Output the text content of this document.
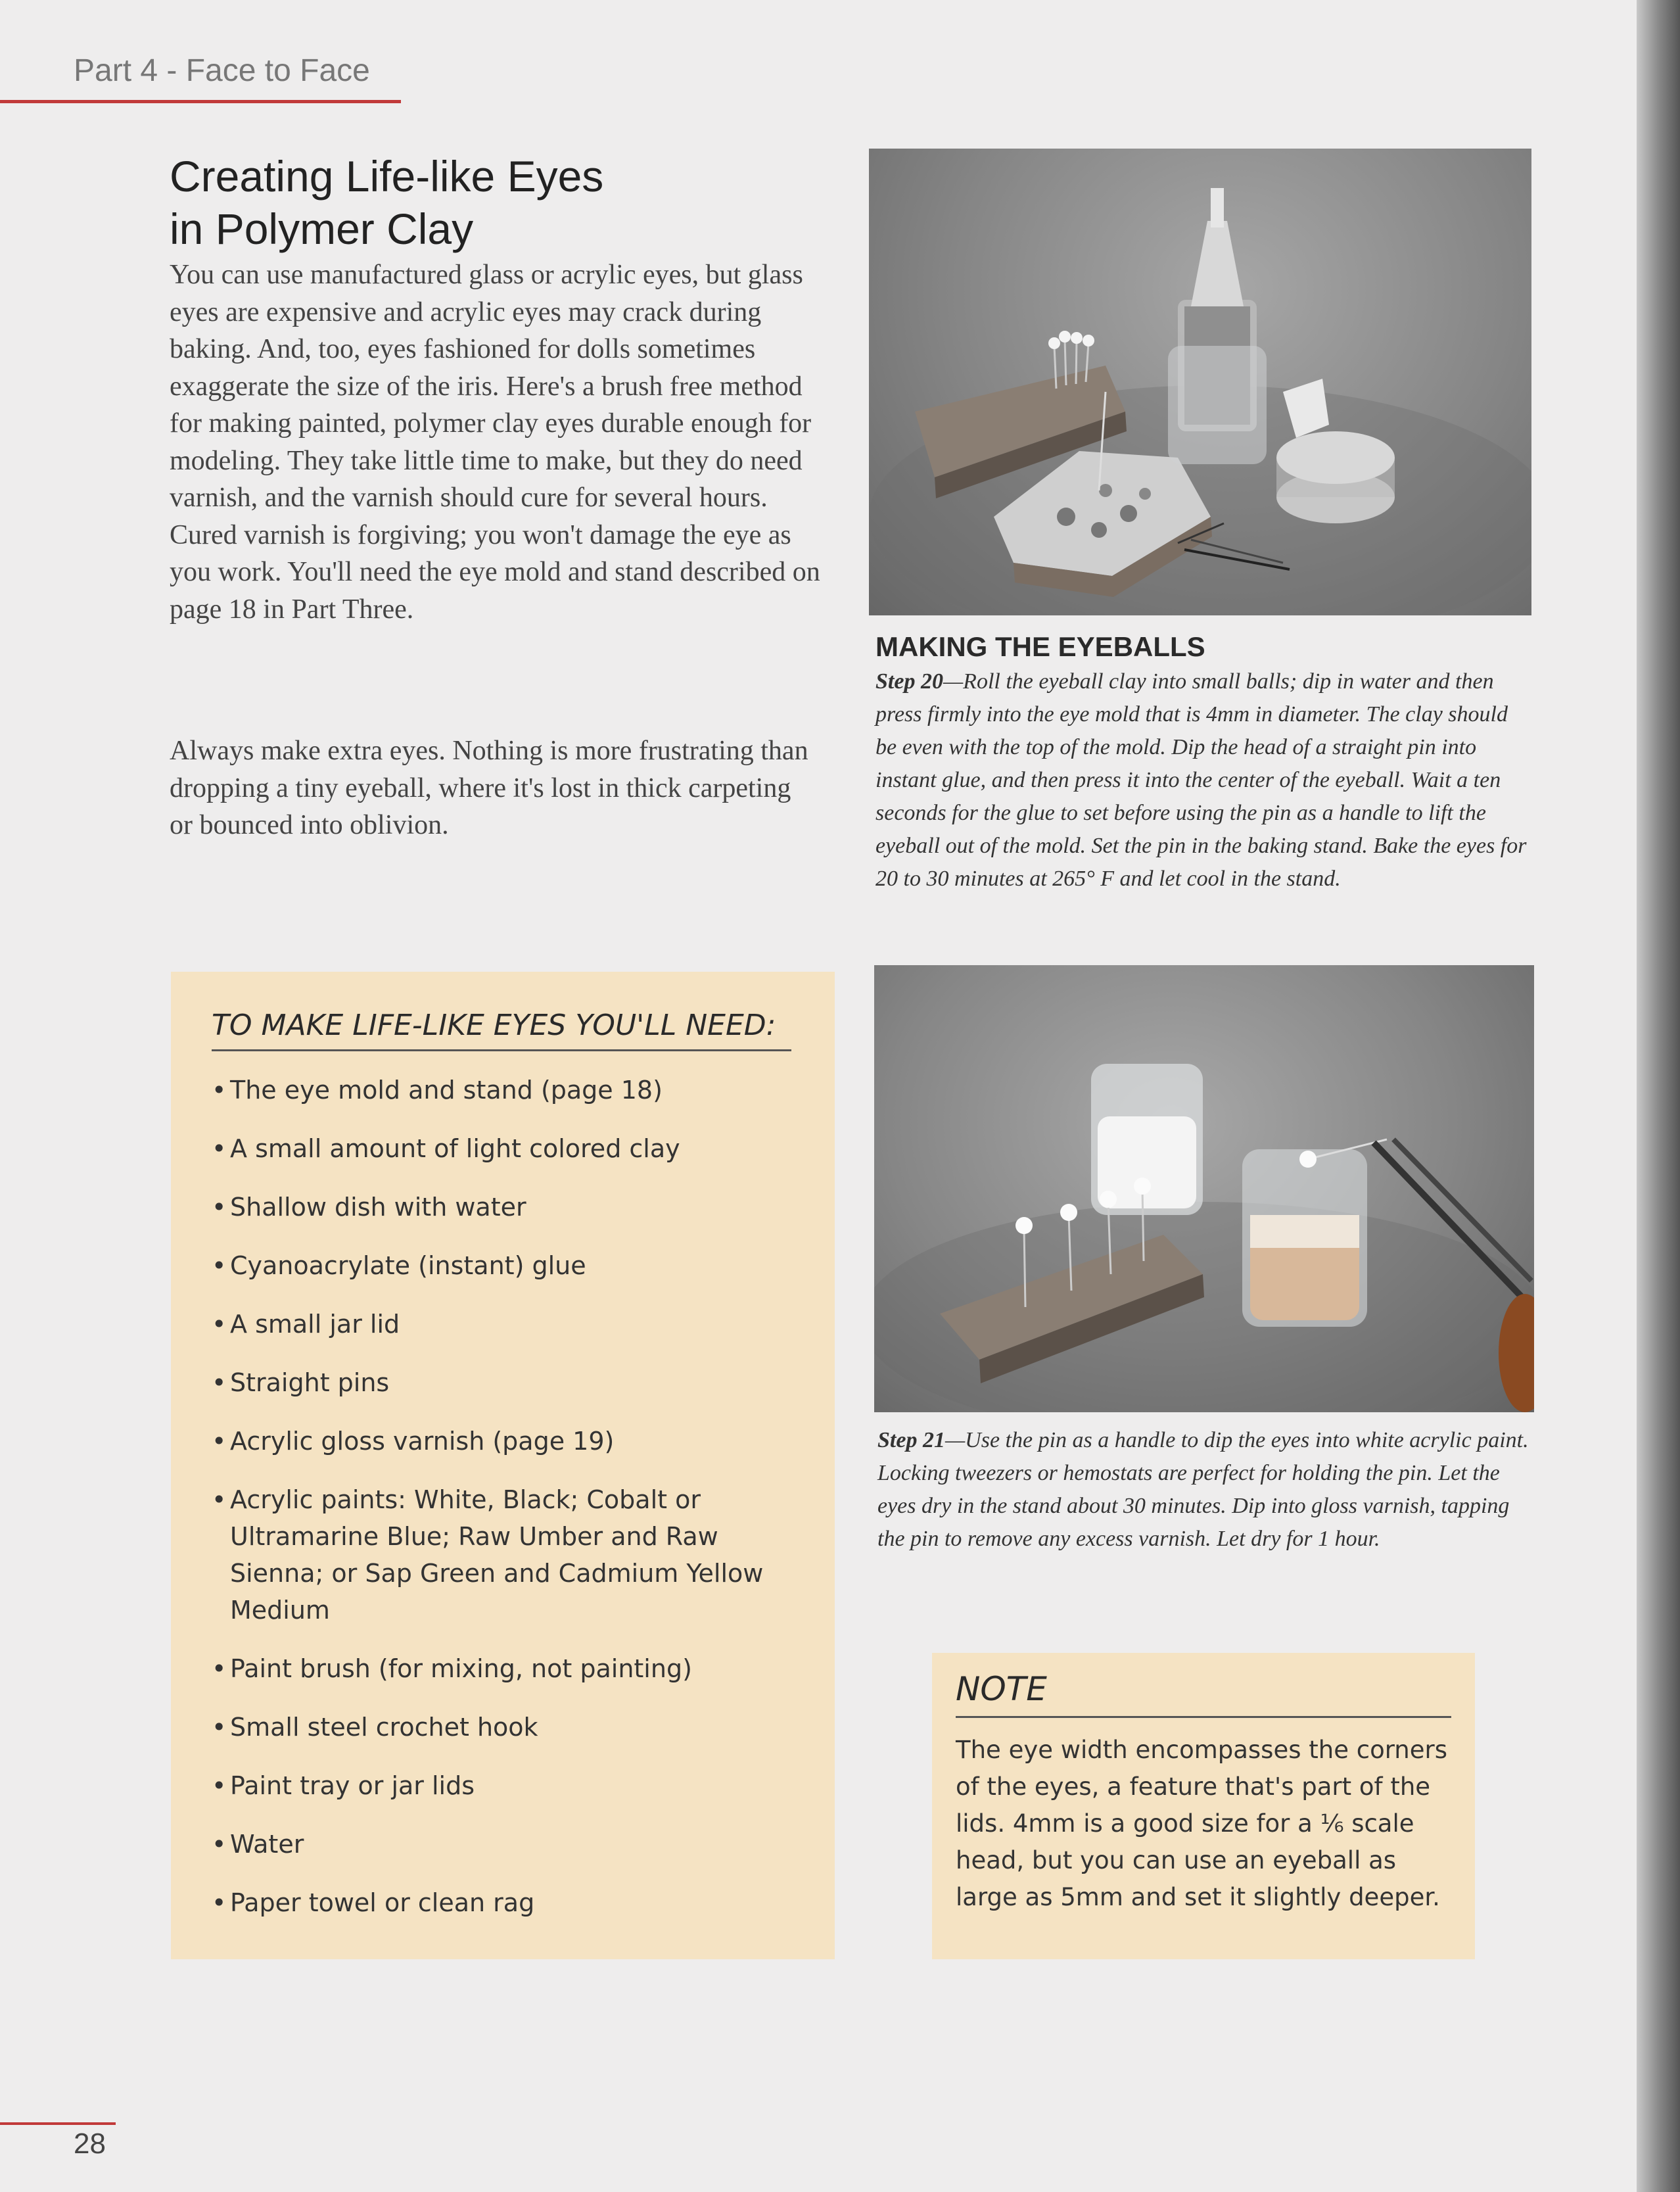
Part 4 - Face to Face

Creating Life-like Eyes
in Polymer Clay

You can use manufactured glass or acrylic eyes, but glass eyes are expensive and acrylic eyes may crack during baking. And, too, eyes fashioned for dolls sometimes exaggerate the size of the iris. Here's a brush free method for making painted, polymer clay eyes durable enough for modeling. They take little time to make, but they do need varnish, and the varnish should cure for several hours. Cured varnish is forgiving; you won't damage the eye as you work. You'll need the eye mold and stand described on page 18 in Part Three.

Always make extra eyes. Nothing is more frustrating than dropping a tiny eyeball, where it's lost in thick carpeting or bounced into oblivion.

MAKING THE EYEBALLS

Step 20—Roll the eyeball clay into small balls; dip in water and then press firmly into the eye mold that is 4mm in diameter. The clay should be even with the top of the mold. Dip the head of a straight pin into instant glue, and then press it into the center of the eyeball. Wait a ten seconds for the glue to set before using the pin as a handle to lift the eyeball out of the mold. Set the pin in the baking stand. Bake the eyes for 20 to 30 minutes at 265° F and let cool in the stand.

Step 21—Use the pin as a handle to dip the eyes into white acrylic paint. Locking tweezers or hemostats are perfect for holding the pin. Let the eyes dry in the stand about 30 minutes. Dip into gloss varnish, tapping the pin to remove any excess varnish. Let dry for 1 hour.

TO MAKE LIFE-LIKE EYES YOU'LL NEED:
• The eye mold and stand (page 18)
• A small amount of light colored clay
• Shallow dish with water
• Cyanoacrylate (instant) glue
• A small jar lid
• Straight pins
• Acrylic gloss varnish (page 19)
• Acrylic paints: White, Black; Cobalt or Ultramarine Blue; Raw Umber and Raw Sienna; or Sap Green and Cadmium Yellow Medium
• Paint brush (for mixing, not painting)
• Small steel crochet hook
• Paint tray or jar lids
• Water
• Paper towel or clean rag
NOTE

The eye width encompasses the corners of the eyes, a feature that's part of the lids. 4mm is a good size for a ⅙ scale head, but you can use an eyeball as large as 5mm and set it slightly deeper.

28
